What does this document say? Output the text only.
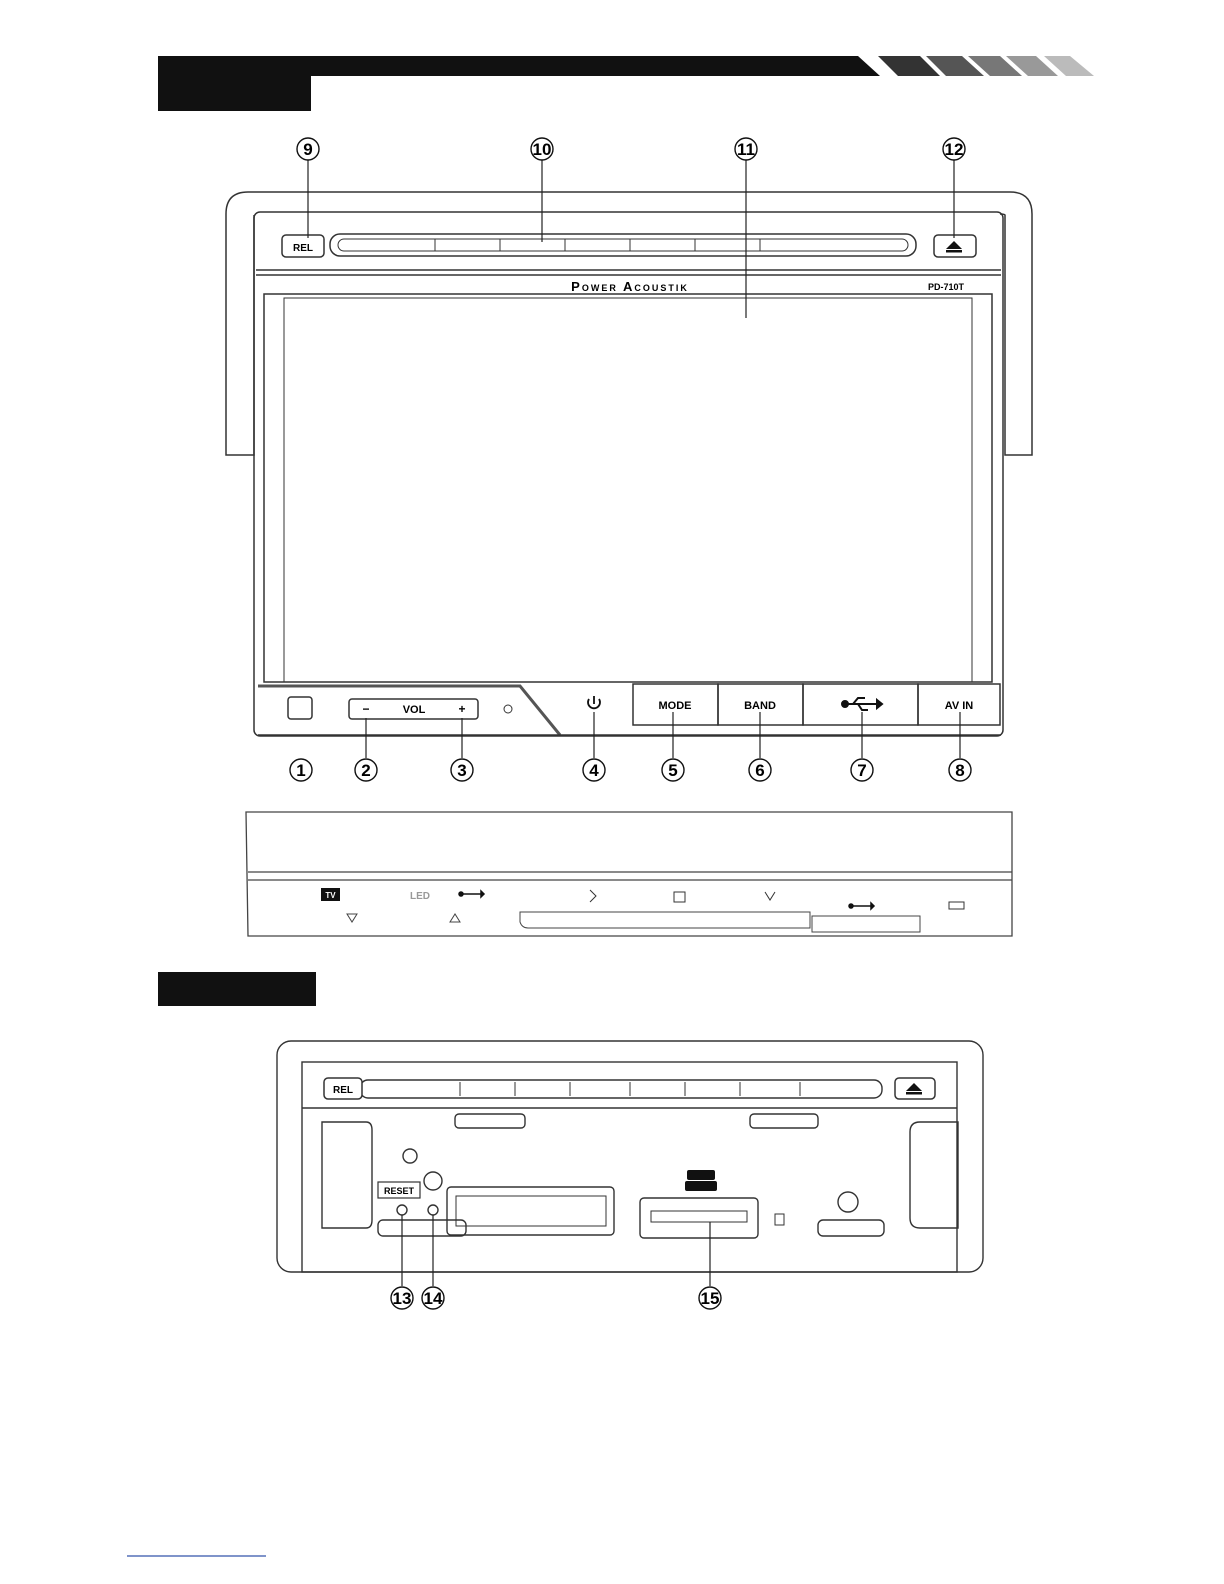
REL
Power Acoustik	PD-710T
−	VOL	+	MODE	BAND	AV IN
TV	LED
REL
RESET
9	10	11	12
1	2	3	4	5	6	7	8
13 14	15
